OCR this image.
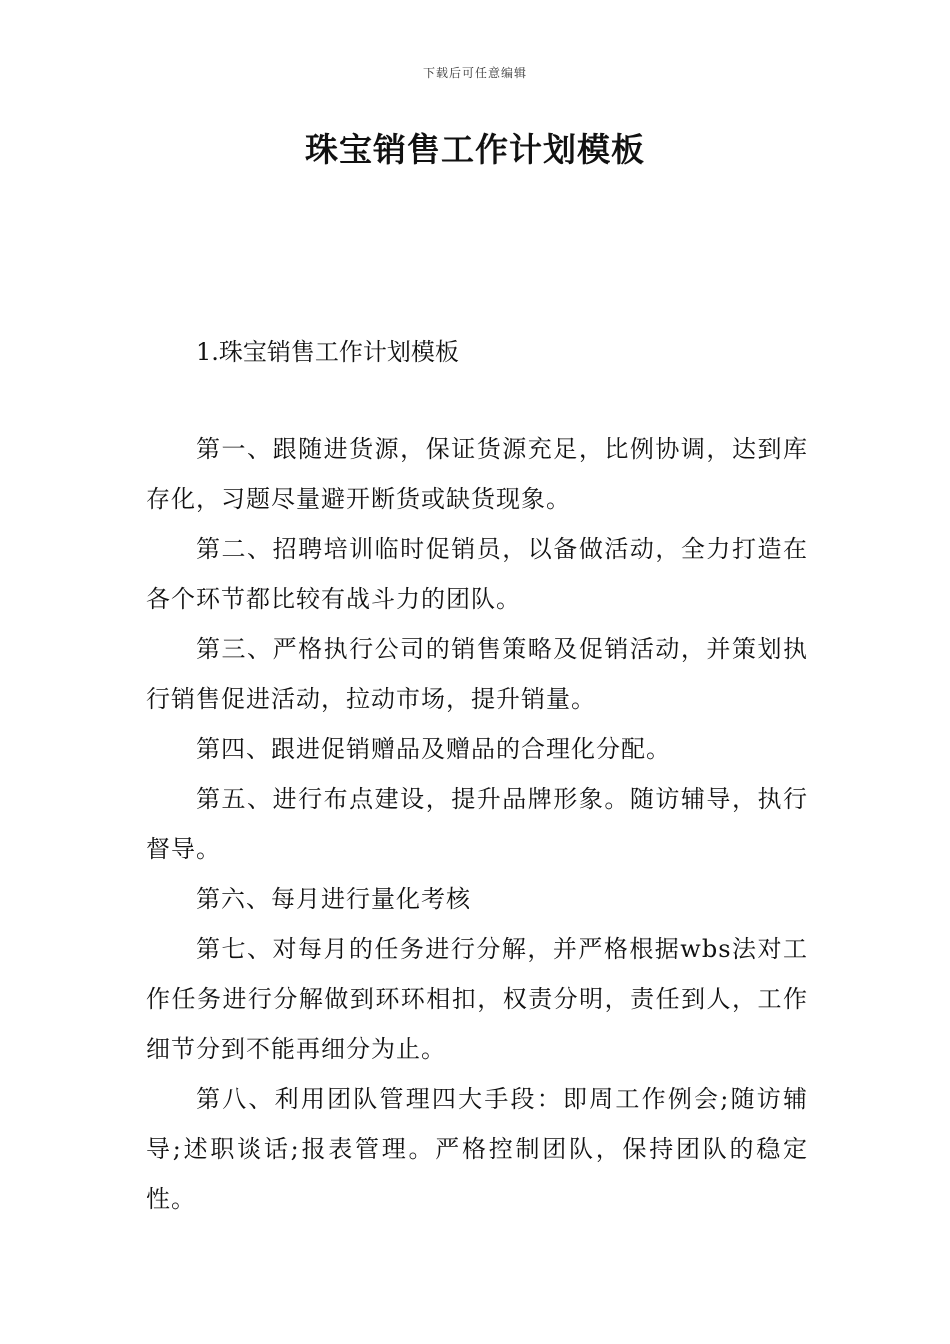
下载后可任意编辑
珠宝销售工作计划模板
1.珠宝销售工作计划模板

第一、跟随进货源，保证货源充足，比例协调，达到库存化，习题尽量避开断货或缺货现象。

第二、招聘培训临时促销员，以备做活动，全力打造在各个环节都比较有战斗力的团队。

第三、严格执行公司的销售策略及促销活动，并策划执行销售促进活动，拉动市场，提升销量。

第四、跟进促销赠品及赠品的合理化分配。

第五、进行布点建设，提升品牌形象。随访辅导，执行督导。

第六、每月进行量化考核

第七、对每月的任务进行分解，并严格根据wbs法对工作任务进行分解做到环环相扣，权责分明，责任到人，工作细节分到不能再细分为止。

第八、利用团队管理四大手段：即周工作例会;随访辅导;述职谈话;报表管理。严格控制团队，保持团队的稳定性。
